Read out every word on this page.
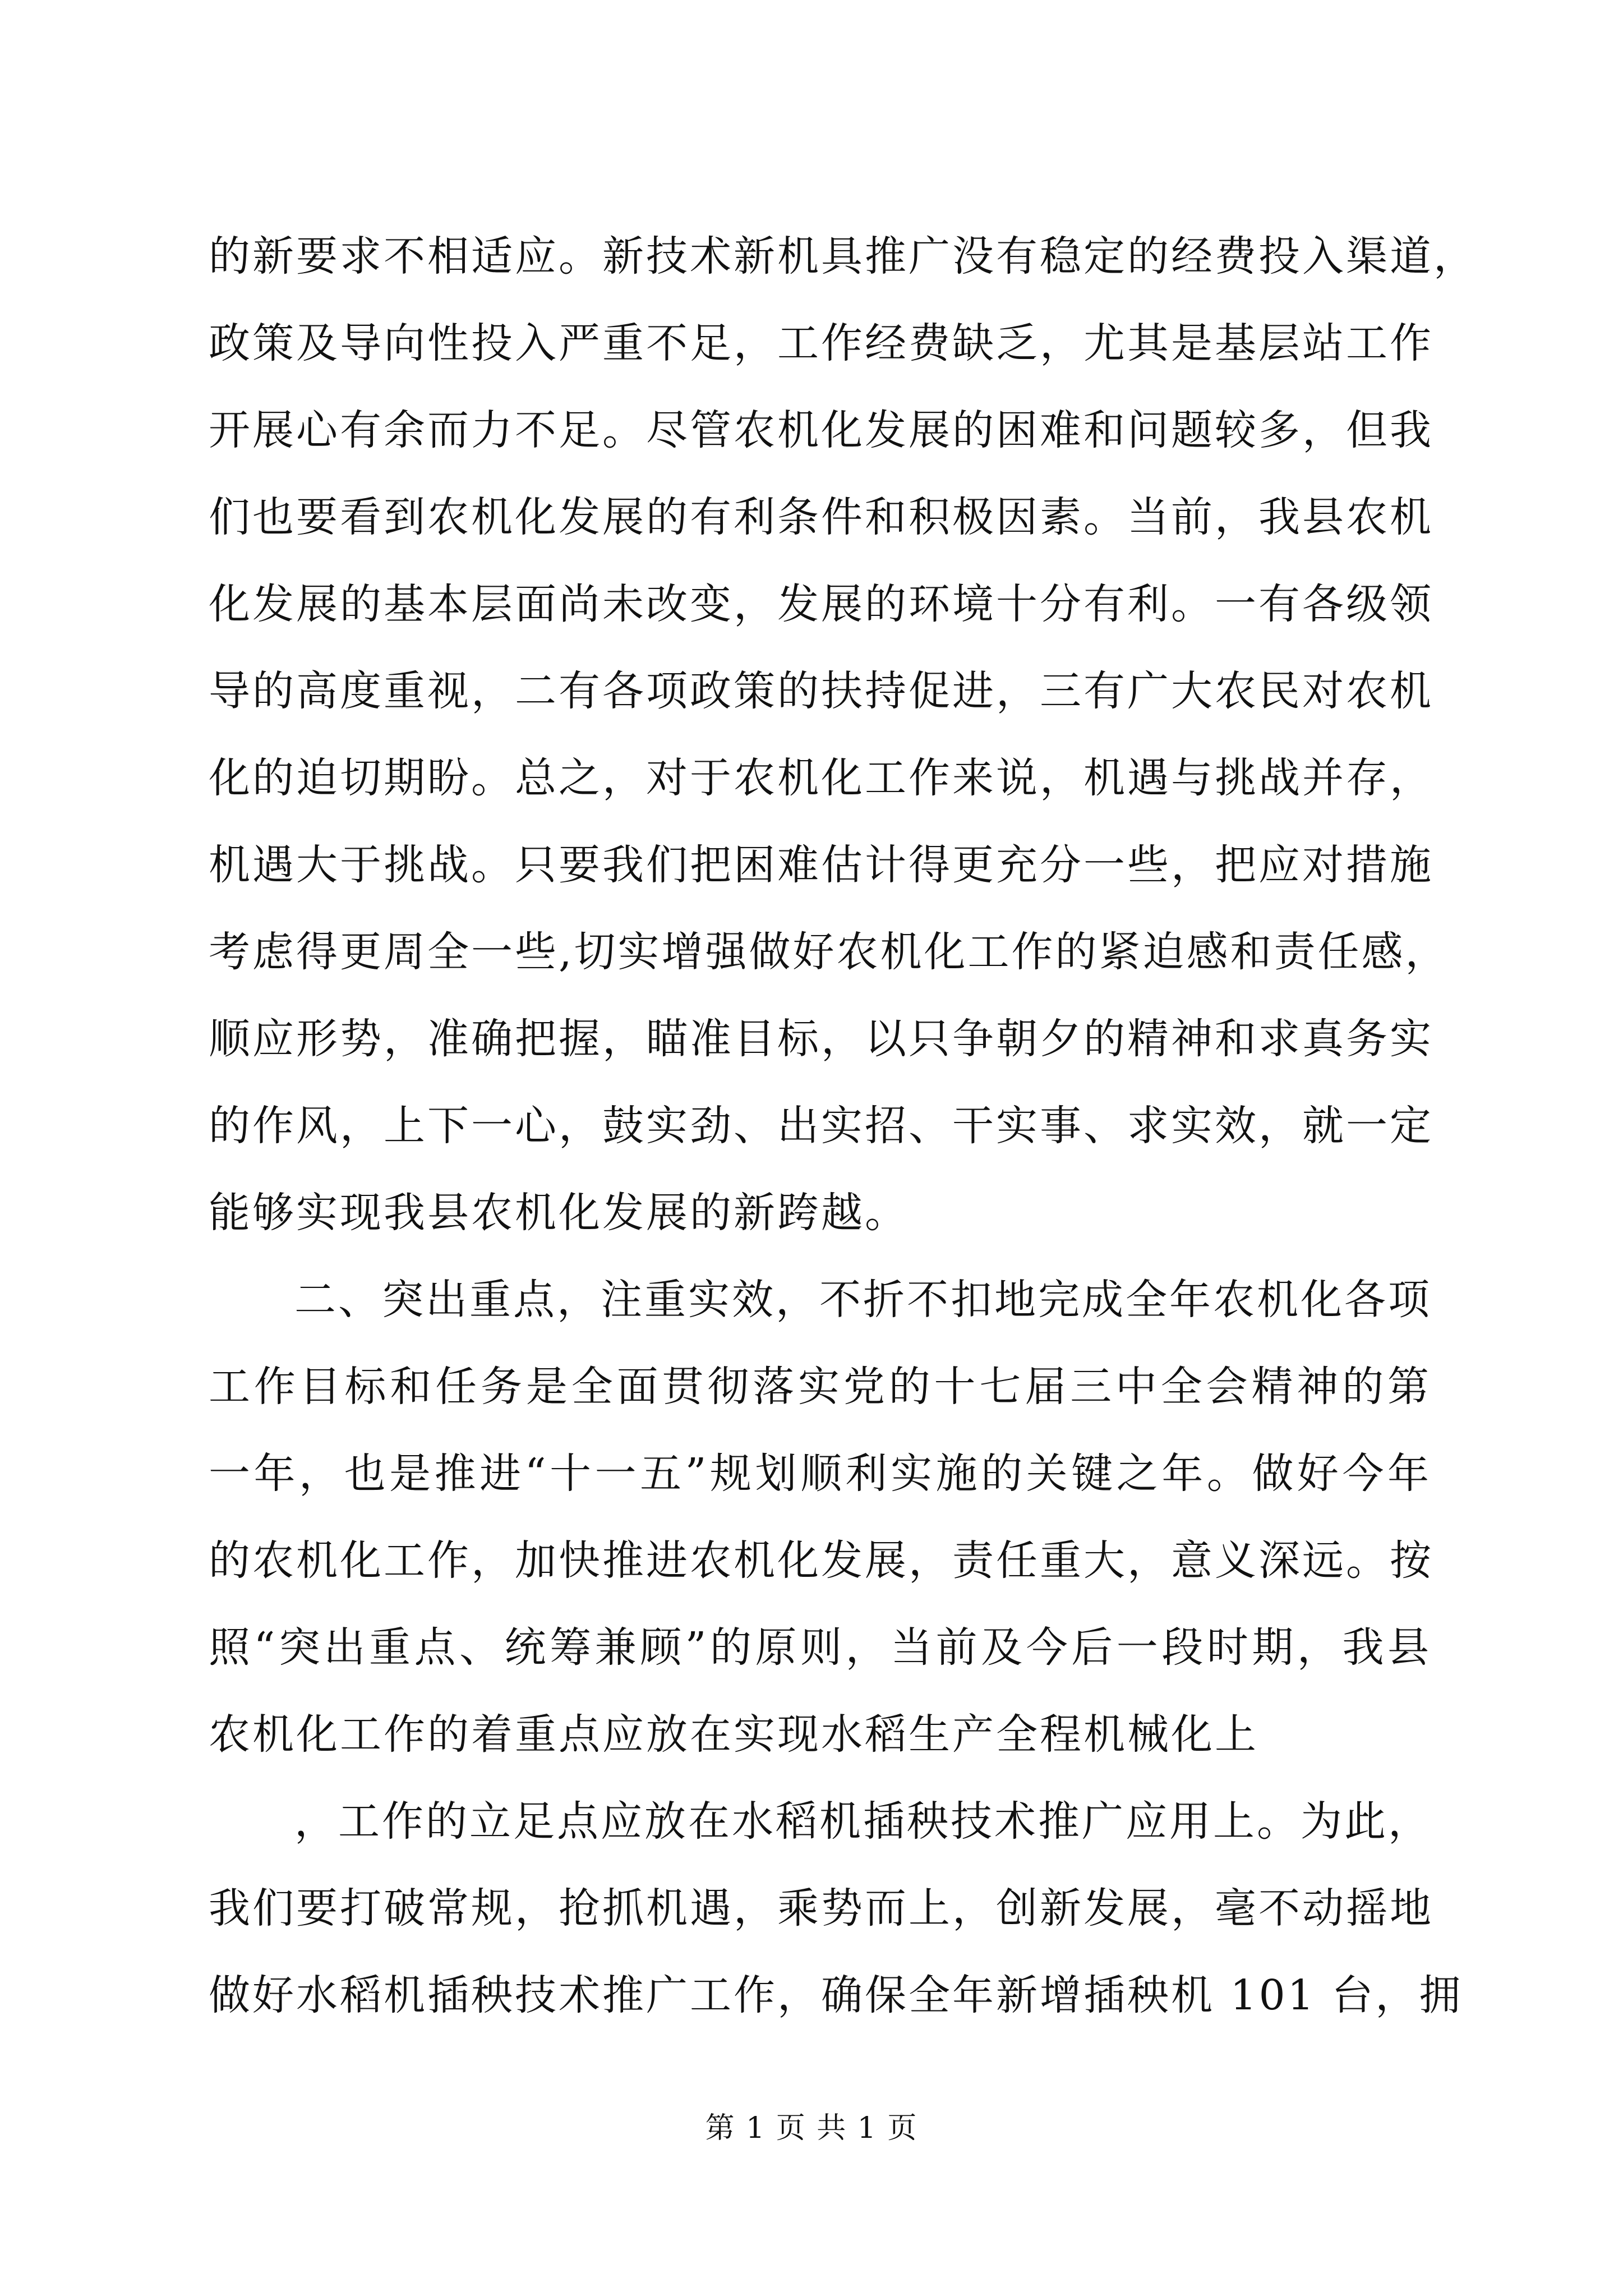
的新要求不相适应。新技术新机具推广没有稳定的经费投入渠道，
政策及导向性投入严重不足，工作经费缺乏，尤其是基层站工作
开展心有余而力不足。尽管农机化发展的困难和问题较多，但我
们也要看到农机化发展的有利条件和积极因素。当前，我县农机
化发展的基本层面尚未改变，发展的环境十分有利。一有各级领
导的高度重视，二有各项政策的扶持促进，三有广大农民对农机
化的迫切期盼。总之，对于农机化工作来说，机遇与挑战并存，
机遇大于挑战。只要我们把困难估计得更充分一些，把应对措施
考虑得更周全一些,切实增强做好农机化工作的紧迫感和责任感，
顺应形势，准确把握，瞄准目标，以只争朝夕的精神和求真务实
的作风，上下一心，鼓实劲、出实招、干实事、求实效，就一定
能够实现我县农机化发展的新跨越。
二、突出重点，注重实效，不折不扣地完成全年农机化各项
工作目标和任务是全面贯彻落实党的十七届三中全会精神的第
一年，也是推进“十一五”规划顺利实施的关键之年。做好今年
的农机化工作，加快推进农机化发展，责任重大，意义深远。按
照“突出重点、统筹兼顾”的原则，当前及今后一段时期，我县
农机化工作的着重点应放在实现水稻生产全程机械化上
，工作的立足点应放在水稻机插秧技术推广应用上。为此，
我们要打破常规，抢抓机遇，乘势而上，创新发展，毫不动摇地
做好水稻机插秧技术推广工作，确保全年新增插秧机 101 台，拥
第 1 页 共 1 页
